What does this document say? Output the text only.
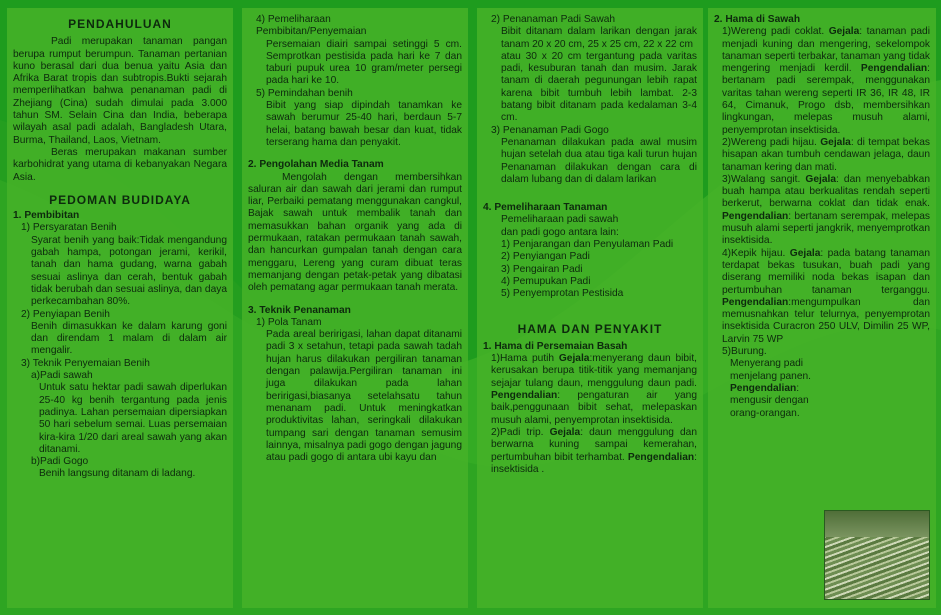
PENDAHULUAN
Padi merupakan tanaman pangan berupa rumput berumpun. Tanaman pertanian kuno berasal dari dua benua yaitu Asia dan Afrika Barat tropis dan subtropis.Bukti sejarah memperlihatkan bahwa penanaman padi di Zhejiang (Cina) sudah dimulai pada 3.000 tahun SM. Selain Cina dan India, beberapa wilayah asal padi adalah, Bangladesh Utara, Burma, Thailand, Laos, Vietnam.
Beras merupakan makanan sumber karbohidrat yang utama di kebanyakan Negara Asia.
PEDOMAN BUDIDAYA
1. Pembibitan
1) Persyaratan Benih
Syarat benih yang baik:Tidak mengandung gabah hampa, potongan jerami, kerikil, tanah dan hama gudang, warna gabah sesuai aslinya dan cerah, bentuk gabah tidak berubah dan sesuai aslinya, dan daya perkecambahan 80%.
2) Penyiapan Benih
Benih dimasukkan ke dalam karung goni dan direndam 1 malam di dalam air mengalir.
3) Teknik Penyemaian Benih
a)Padi sawah
Untuk satu hektar padi sawah diperlukan 25-40 kg benih tergantung pada jenis padinya. Lahan persemaian dipersiapkan 50 hari sebelum semai. Luas persemaian kira-kira 1/20 dari areal sawah yang akan ditanami.
b)Padi Gogo
Benih langsung ditanam di ladang.
4) Pemeliharaan
Pembibitan/Penyemaian
Persemaian diairi sampai setinggi 5 cm. Semprotkan pestisida pada hari ke 7 dan taburi pupuk urea 10 gram/meter persegi pada hari ke 10.
5) Pemindahan benih
Bibit yang siap dipindah tanamkan ke sawah berumur 25-40 hari, berdaun 5-7 helai, batang bawah besar dan kuat, tidak terserang hama dan penyakit.
2. Pengolahan Media Tanam
Mengolah dengan membersihkan saluran air dan sawah dari jerami dan rumput liar, Perbaiki pematang menggunakan cangkul, Bajak sawah untuk membalik tanah dan memasukkan bahan organik yang ada di permukaan, ratakan permukaan tanah sawah, dan hancurkan gumpalan tanah dengan cara menggaru, Lereng yang curam dibuat teras memanjang dengan petak-petak yang dibatasi oleh pematang agar permukaan tanah merata.
3. Teknik Penanaman
1) Pola Tanam
Pada areal beririgasi, lahan dapat ditanami padi 3 x setahun, tetapi pada sawah tadah hujan harus dilakukan pergiliran tanaman dengan palawija.Pergiliran tanaman ini juga dilakukan pada lahan beririgasi,biasanya setelahsatu tahun menanam padi. Untuk meningkatkan produktivitas lahan, seringkali dilakukan tumpang sari dengan tanaman semusim lainnya, misalnya padi gogo dengan jagung atau padi gogo di antara ubi kayu dan
2) Penanaman Padi Sawah
Bibit ditanam dalam larikan dengan jarak tanam 20 x 20 cm, 25 x 25 cm, 22 x 22 cm
atau 30 x 20 cm tergantung pada varitas padi, kesuburan tanah dan musim. Jarak tanam di daerah pegunungan lebih rapat karena bibit tumbuh lebih lambat. 2-3 batang bibit ditanam pada kedalaman 3-4 cm.
3) Penanaman Padi Gogo
Penanaman dilakukan pada awal musim hujan setelah dua atau tiga kali turun hujan Penanaman dilakukan dengan cara di dalam lubang dan di dalam larikan
4. Pemeliharaan Tanaman
Pemeliharaan padi sawah
dan padi gogo antara lain:
1) Penjarangan dan Penyulaman Padi
2) Penyiangan Padi
3) Pengairan Padi
4) Pemupukan Padi
5) Penyemprotan Pestisida
HAMA DAN PENYAKIT
1. Hama di Persemaian Basah
1)Hama putih Gejala:menyerang daun bibit, kerusakan berupa titik-titik yang memanjang sejajar tulang daun, menggulung daun padi. Pengendalian: pengaturan air yang baik,penggunaan bibit sehat, melepaskan musuh alami, penyemprotan insektisida.
2)Padi trip. Gejala: daun menggulung dan berwarna kuning sampai kemerahan, pertumbuhan bibit terhambat. Pengendalian: insektisida .
2. Hama di Sawah
1)Wereng padi coklat. Gejala: tanaman padi menjadi kuning dan mengering, sekelompok tanaman seperti terbakar, tanaman yang tidak mengering menjadi kerdil. Pengendalian: bertanam padi serempak, menggunakan varitas tahan wereng seperti IR 36, IR 48, IR 64, Cimanuk, Progo dsb, membersihkan lingkungan, melepas musuh alami, penyemprotan insektisida.
2)Wereng padi hijau. Gejala: di tempat bekas hisapan akan tumbuh cendawan jelaga, daun tanaman kering dan mati.
3)Walang sangit. Gejala: dan menyebabkan buah hampa atau berkualitas rendah seperti berkerut, berwarna coklat dan tidak enak. Pengendalian: bertanam serempak, melepas musuh alami seperti jangkrik, menyemprotkan insektisida.
4)Kepik hijau. Gejala: pada batang tanaman terdapat bekas tusukan, buah padi yang diserang memiliki noda bekas isapan dan pertumbuhan tanaman terganggu. Pengendalian:mengumpulkan dan memusnahkan telur telurnya, penyemprotan insektisida Curacron 250 ULV, Dimilin 25 WP, Larvin 75 WP
5)Burung.
Menyerang padi menjelang panen.
Pengendalian: mengusir dengan orang-orangan.
